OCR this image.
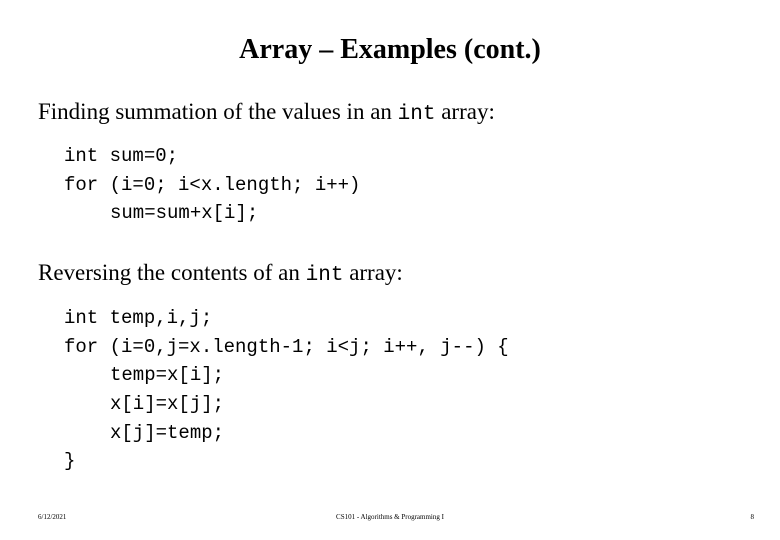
Array – Examples (cont.)
Finding summation of the values in an int array:
int sum=0;
for (i=0; i<x.length; i++)
sum=sum+x[i];
Reversing the contents of an int array:
int temp,i,j;
for (i=0,j=x.length-1; i<j; i++, j--) {
temp=x[i];
x[i]=x[j];
x[j]=temp;
}
6/12/2021	CS101 - Algorithms & Programming I	8
